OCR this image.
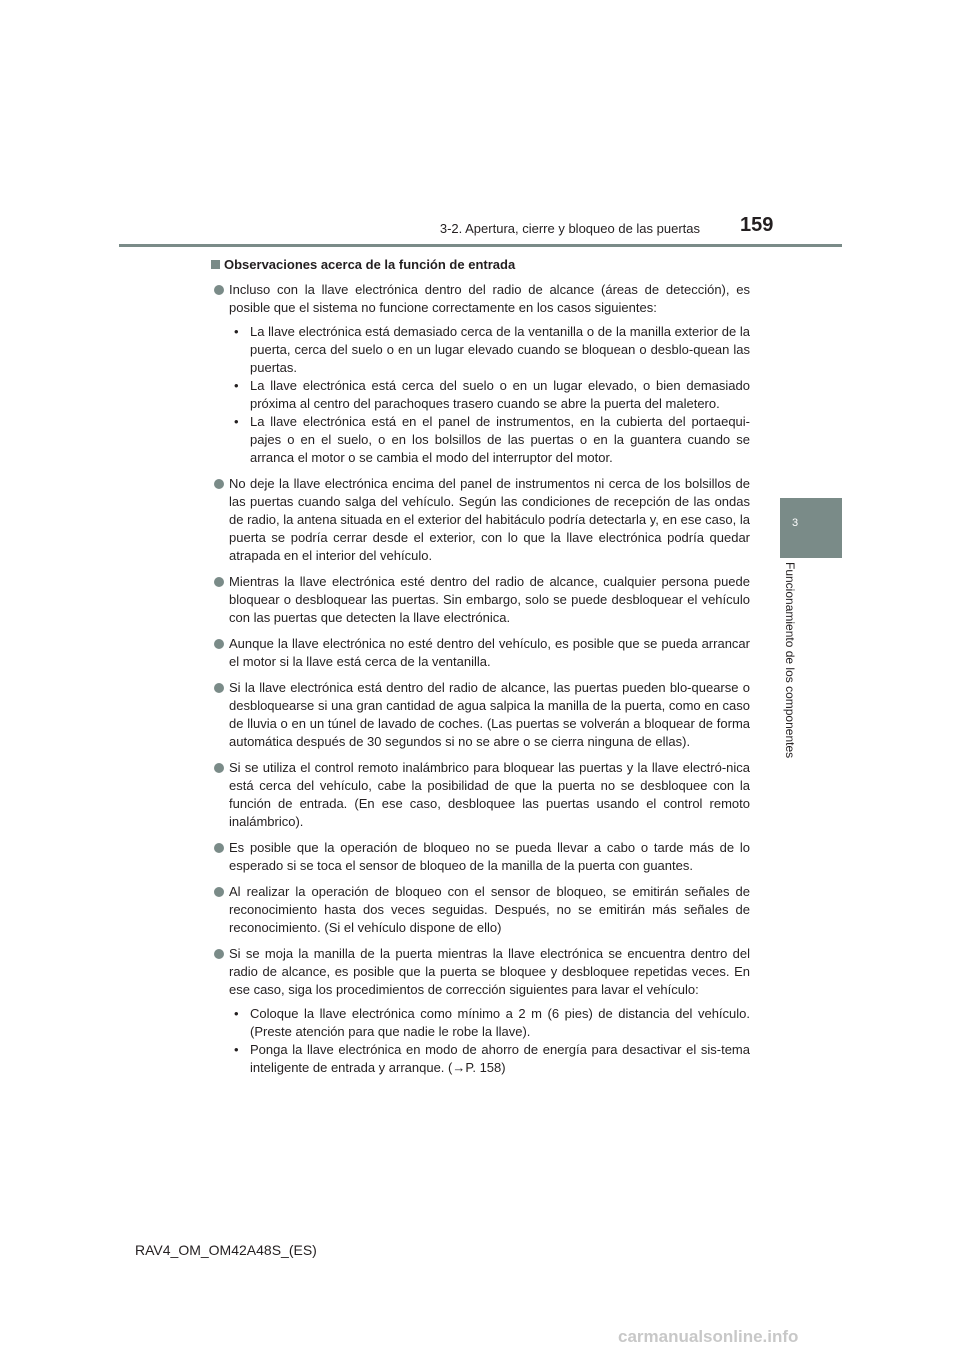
3-2. Apertura, cierre y bloqueo de las puertas 159
3
Funcionamiento de los componentes
Observaciones acerca de la función de entrada
Incluso con la llave electrónica dentro del radio de alcance (áreas de detección), es posible que el sistema no funcione correctamente en los casos siguientes:
• La llave electrónica está demasiado cerca de la ventanilla o de la manilla exterior de la puerta, cerca del suelo o en un lugar elevado cuando se bloquean o desblo-quean las puertas.
• La llave electrónica está cerca del suelo o en un lugar elevado, o bien demasiado próxima al centro del parachoques trasero cuando se abre la puerta del maletero.
• La llave electrónica está en el panel de instrumentos, en la cubierta del portaequi-pajes o en el suelo, o en los bolsillos de las puertas o en la guantera cuando se arranca el motor o se cambia el modo del interruptor del motor.
No deje la llave electrónica encima del panel de instrumentos ni cerca de los bolsillos de las puertas cuando salga del vehículo. Según las condiciones de recepción de las ondas de radio, la antena situada en el exterior del habitáculo podría detectarla y, en ese caso, la puerta se podría cerrar desde el exterior, con lo que la llave electrónica podría quedar atrapada en el interior del vehículo.
Mientras la llave electrónica esté dentro del radio de alcance, cualquier persona puede bloquear o desbloquear las puertas. Sin embargo, solo se puede desbloquear el vehículo con las puertas que detecten la llave electrónica.
Aunque la llave electrónica no esté dentro del vehículo, es posible que se pueda arrancar el motor si la llave está cerca de la ventanilla.
Si la llave electrónica está dentro del radio de alcance, las puertas pueden blo-quearse o desbloquearse si una gran cantidad de agua salpica la manilla de la puerta, como en caso de lluvia o en un túnel de lavado de coches. (Las puertas se volverán a bloquear de forma automática después de 30 segundos si no se abre o se cierra ninguna de ellas).
Si se utiliza el control remoto inalámbrico para bloquear las puertas y la llave electró-nica está cerca del vehículo, cabe la posibilidad de que la puerta no se desbloquee con la función de entrada. (En ese caso, desbloquee las puertas usando el control remoto inalámbrico).
Es posible que la operación de bloqueo no se pueda llevar a cabo o tarde más de lo esperado si se toca el sensor de bloqueo de la manilla de la puerta con guantes.
Al realizar la operación de bloqueo con el sensor de bloqueo, se emitirán señales de reconocimiento hasta dos veces seguidas. Después, no se emitirán más señales de reconocimiento. (Si el vehículo dispone de ello)
Si se moja la manilla de la puerta mientras la llave electrónica se encuentra dentro del radio de alcance, es posible que la puerta se bloquee y desbloquee repetidas veces. En ese caso, siga los procedimientos de corrección siguientes para lavar el vehículo:
• Coloque la llave electrónica como mínimo a 2 m (6 pies) de distancia del vehículo. (Preste atención para que nadie le robe la llave).
• Ponga la llave electrónica en modo de ahorro de energía para desactivar el sis-tema inteligente de entrada y arranque. (→P. 158)
RAV4_OM_OM42A48S_(ES)
carmanualsonline.info
